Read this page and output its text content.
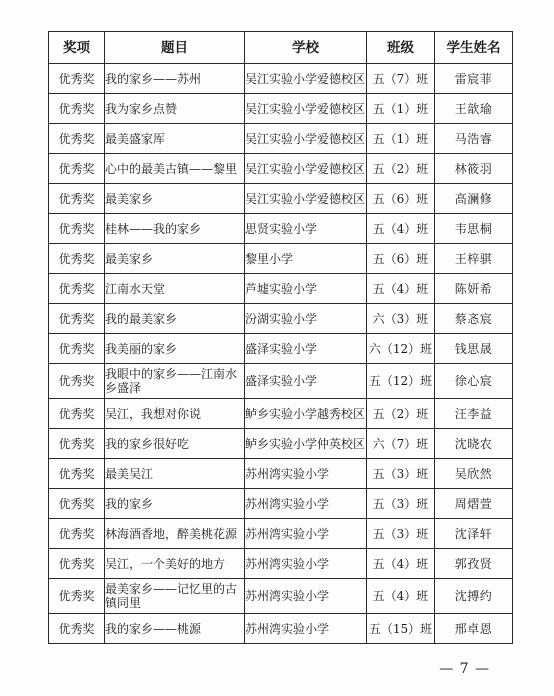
奖项	题目	学校	班级	学生姓名
优秀奖	我的家乡——苏州	吴江实验小学爱德校区	五（7）班	雷宸菲
优秀奖	我为家乡点赞	吴江实验小学爱德校区	五（1）班	王歆瑜
优秀奖	最美盛家厍	吴江实验小学爱德校区	五（1）班	马浩睿
优秀奖	心中的最美古镇——黎里	吴江实验小学爱德校区	五（2）班	林筱羽
优秀奖	最美家乡	吴江实验小学爱德校区	五（6）班	高澜修
优秀奖	桂林——我的家乡	思贤实验小学	五（4）班	韦思桐
优秀奖	最美家乡	黎里小学	五（6）班	王梓骐
优秀奖	江南水天堂	芦墟实验小学	五（4）班	陈妍希
优秀奖	我的最美家乡	汾湖实验小学	六（3）班	蔡忞宸
优秀奖	我美丽的家乡	盛泽实验小学	六（12）班	钱思晟
优秀奖	我眼中的家乡——江南水乡盛泽	盛泽实验小学	五（12）班	徐心宸
优秀奖	吴江，我想对你说	鲈乡实验小学越秀校区	五（2）班	汪李益
优秀奖	我的家乡很好吃	鲈乡实验小学仲英校区	六（7）班	沈晓农
优秀奖	最美吴江	苏州湾实验小学	五（3）班	吴欣然
优秀奖	我的家乡	苏州湾实验小学	五（3）班	周熠萱
优秀奖	林海酒香地，醉美桃花源	苏州湾实验小学	五（3）班	沈泽轩
优秀奖	吴江，一个美好的地方	苏州湾实验小学	五（4）班	郭孜贤
优秀奖	最美家乡——记忆里的古镇同里	苏州湾实验小学	五（4）班	沈搏约
优秀奖	我的家乡——桃源	苏州湾实验小学	五（15）班	邢卓恩
— 7 —
